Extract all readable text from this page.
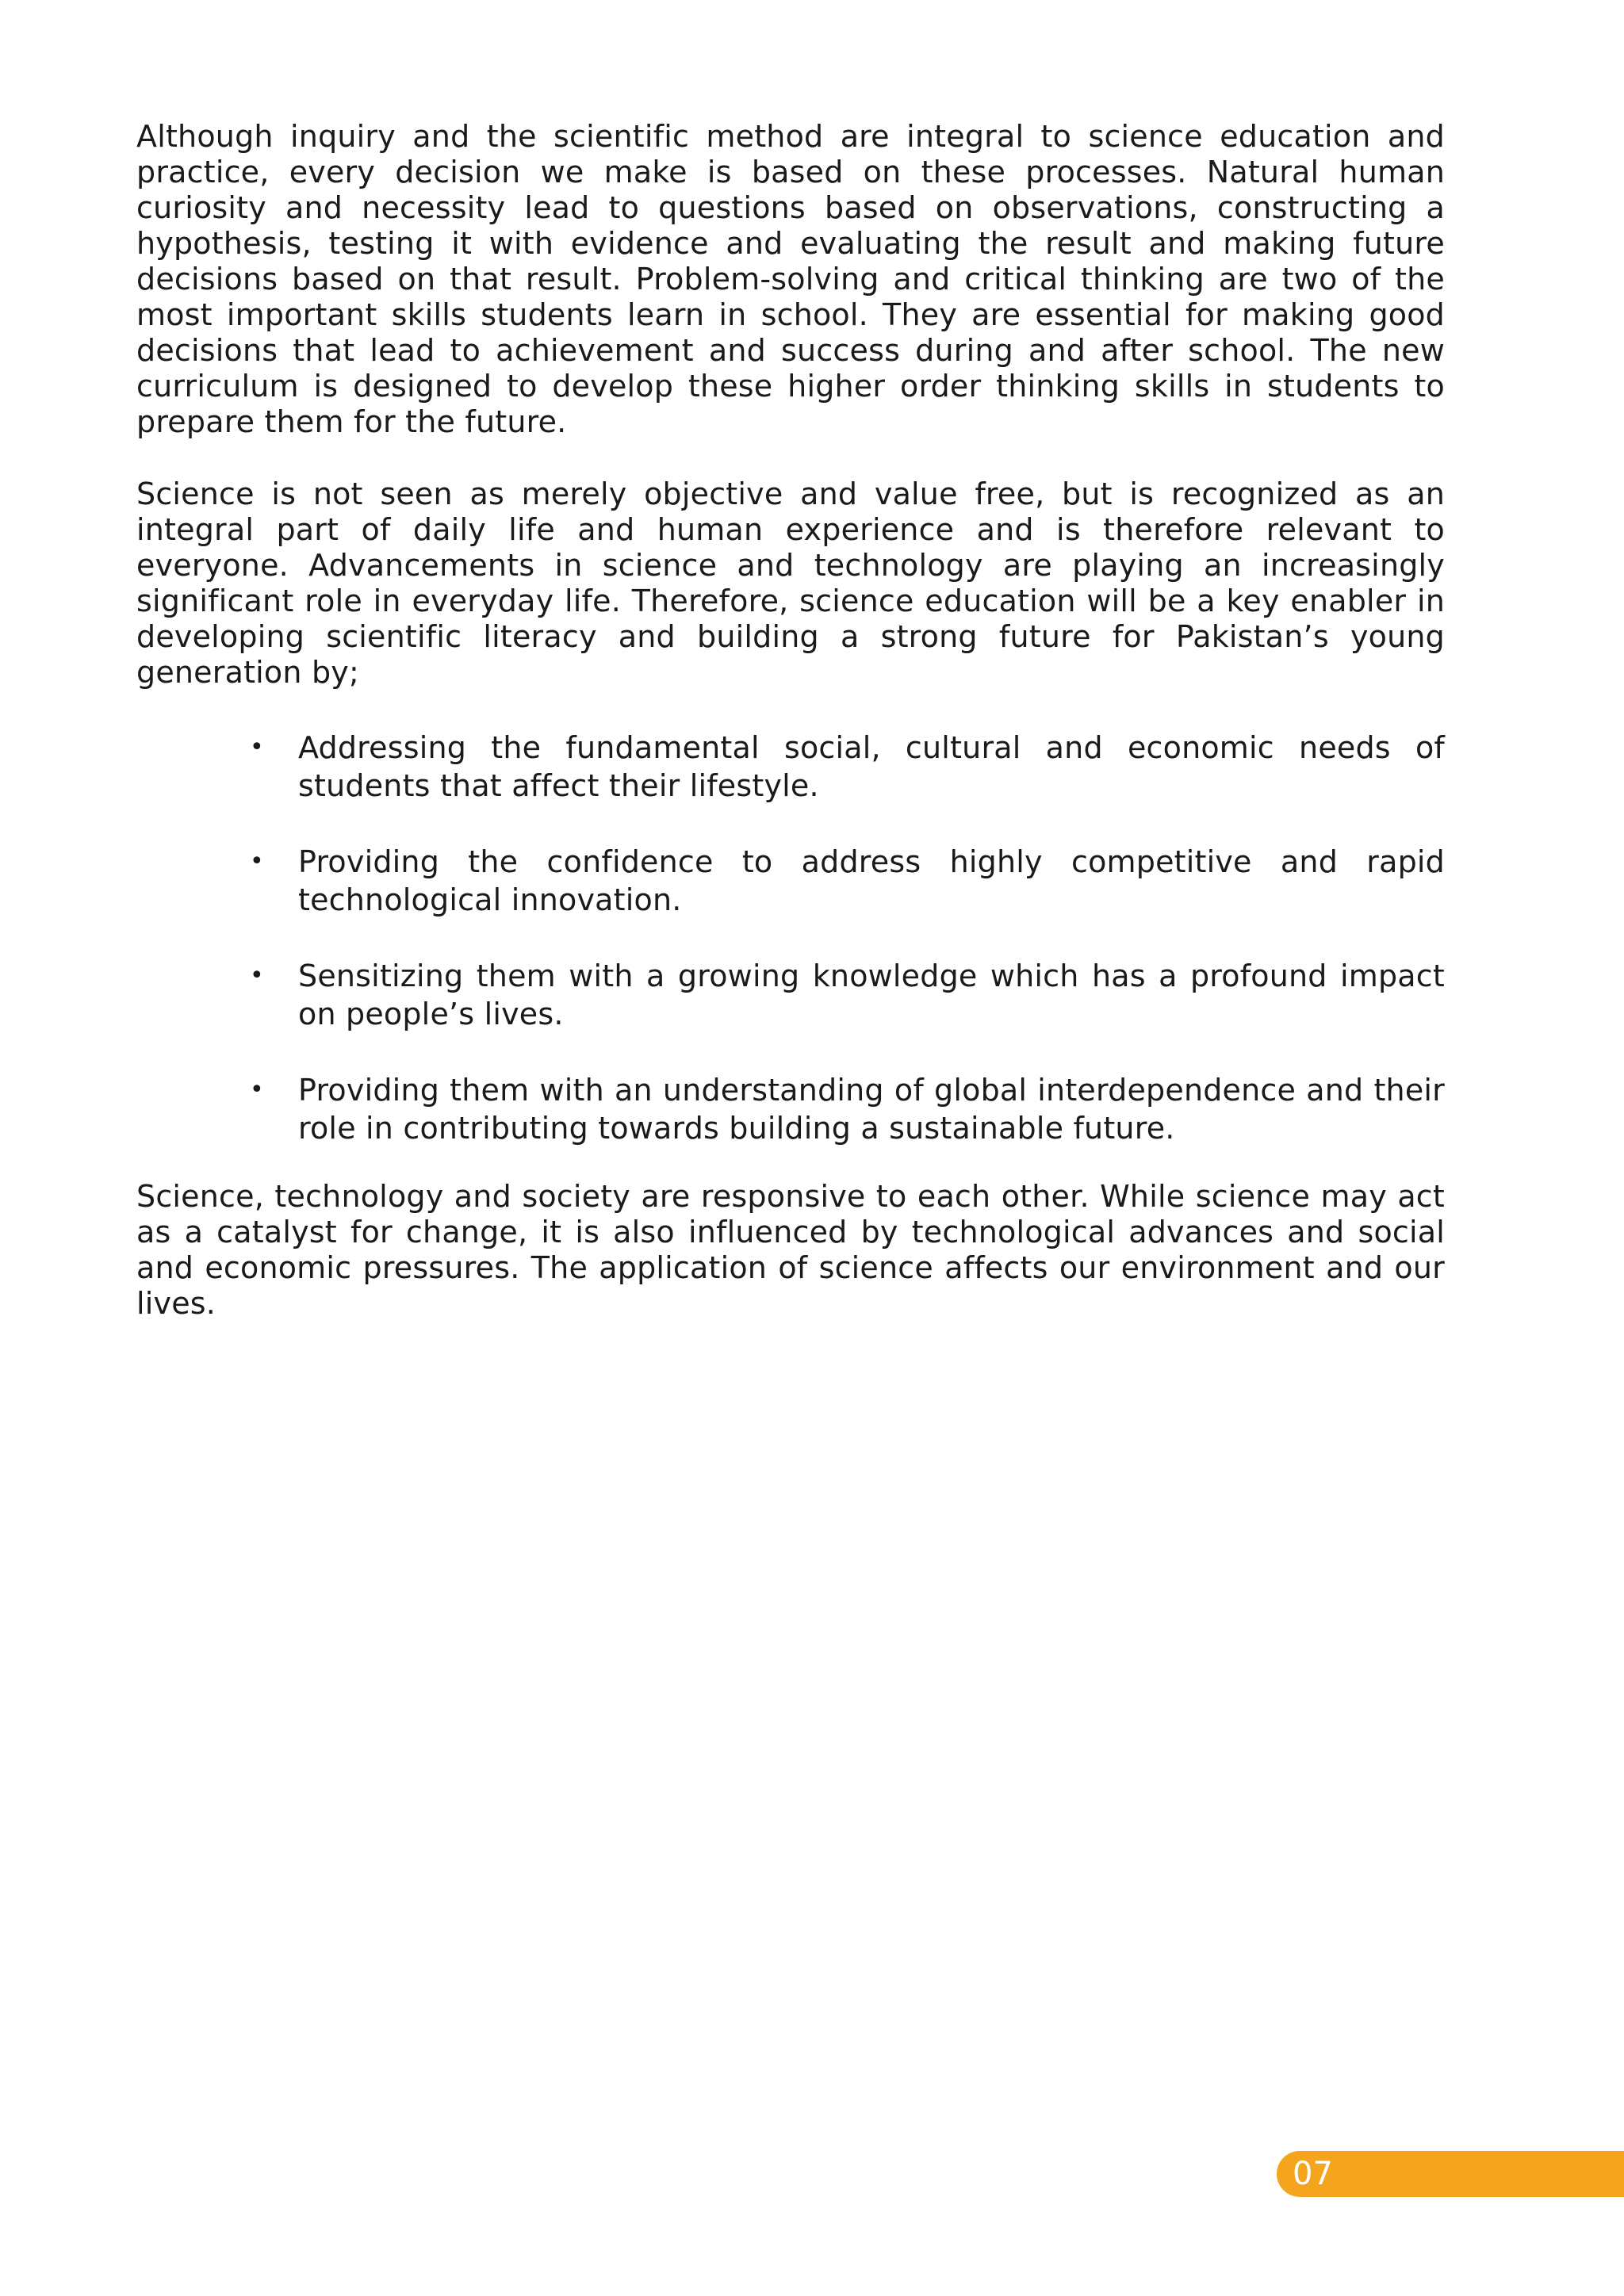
Although inquiry and the scientific method are integral to science education and practice, every decision we make is based on these processes. Natural human curiosity and necessity lead to questions based on observations, constructing a hypothesis, testing it with evidence and evaluating the result and making future decisions based on that result. Problem-solving and critical thinking are two of the most important skills students learn in school. They are essential for making good decisions that lead to achievement and success during and after school. The new curriculum is designed to develop these higher order thinking skills in students to prepare them for the future.

Science is not seen as merely objective and value free, but is recognized as an integral part of daily life and human experience and is therefore relevant to everyone. Advancements in science and technology are playing an increasingly significant role in everyday life. Therefore, science education will be a key enabler in developing scientific literacy and building a strong future for Pakistan’s young generation by;

• Addressing the fundamental social, cultural and economic needs of students that affect their lifestyle.
• Providing the confidence to address highly competitive and rapid technological innovation.
• Sensitizing them with a growing knowledge which has a profound impact on people’s lives.
• Providing them with an understanding of global interdependence and their role in contributing towards building a sustainable future.

Science, technology and society are responsive to each other. While science may act as a catalyst for change, it is also influenced by technological advances and social and economic pressures. The application of science affects our environment and our lives.

07
